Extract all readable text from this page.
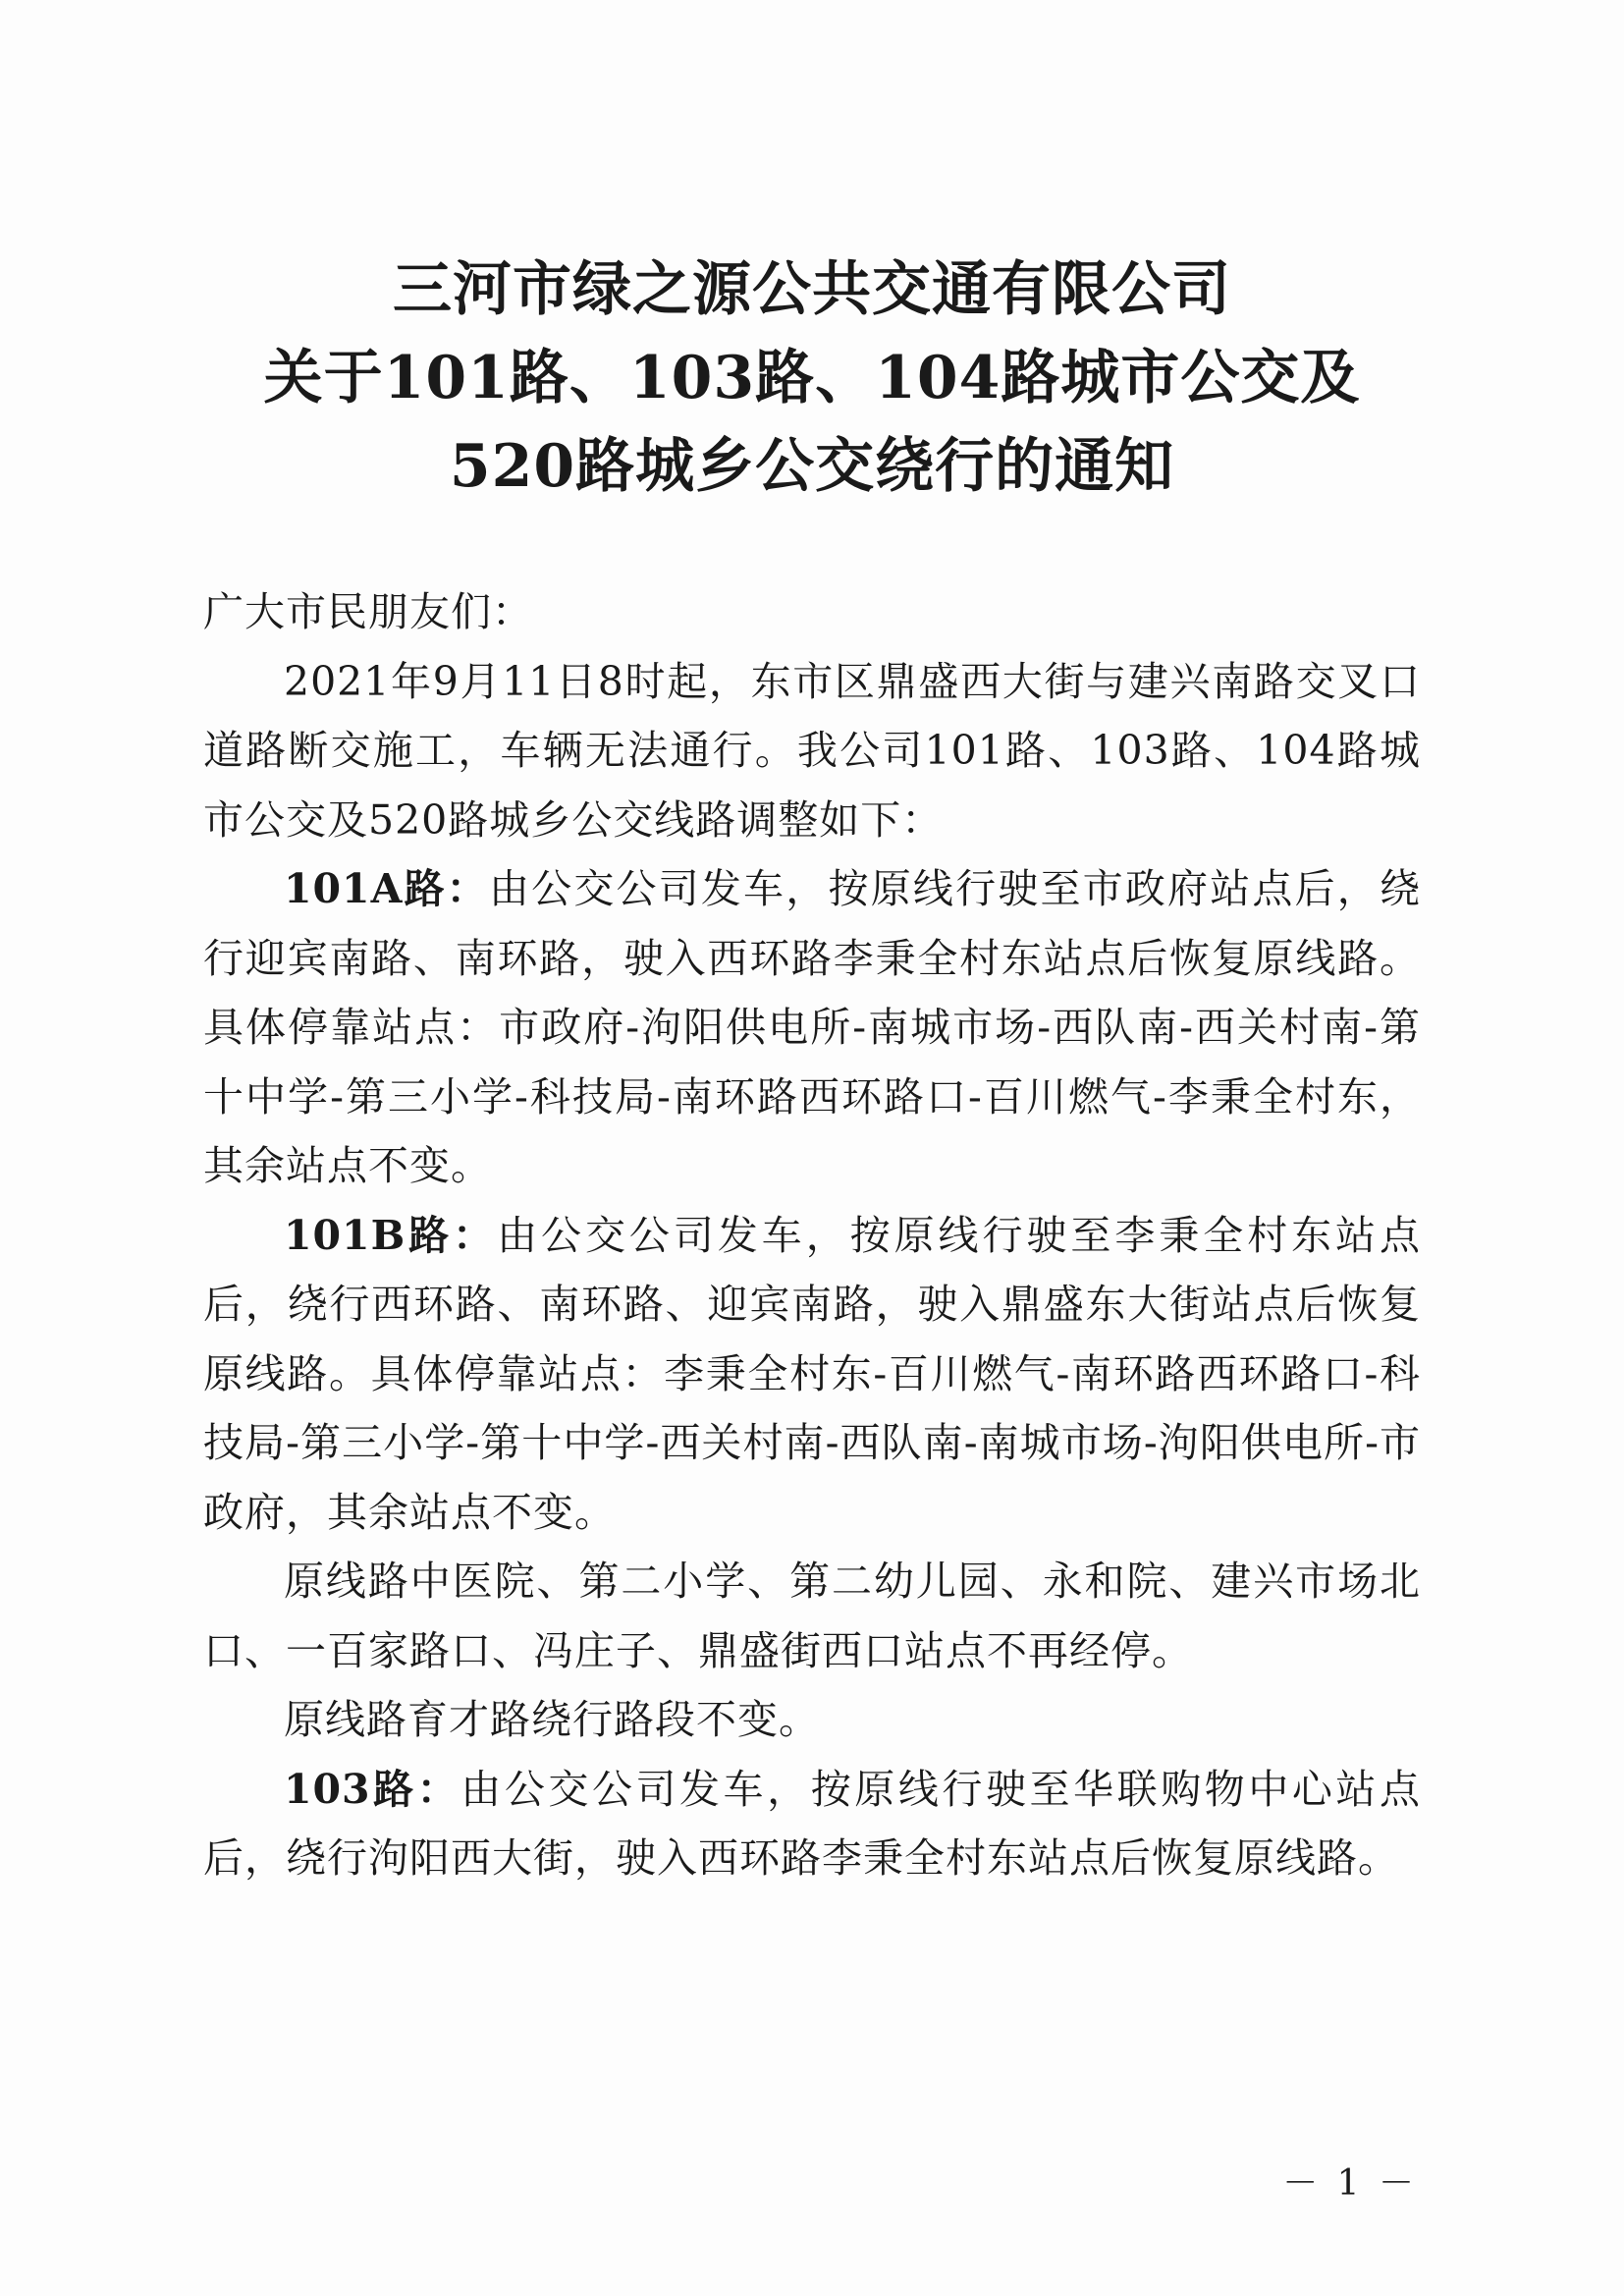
三河市绿之源公共交通有限公司
关于101路、103路、104路城市公交及
520路城乡公交绕行的通知

广大市民朋友们：

2021年9月11日8时起，东市区鼎盛西大街与建兴南路交叉口道路断交施工，车辆无法通行。我公司101路、103路、104路城市公交及520路城乡公交线路调整如下：

101A路：由公交公司发车，按原线行驶至市政府站点后，绕行迎宾南路、南环路，驶入西环路李秉全村东站点后恢复原线路。具体停靠站点：市政府-泃阳供电所-南城市场-西队南-西关村南-第十中学-第三小学-科技局-南环路西环路口-百川燃气-李秉全村东，其余站点不变。

101B路：由公交公司发车，按原线行驶至李秉全村东站点后，绕行西环路、南环路、迎宾南路，驶入鼎盛东大街站点后恢复原线路。具体停靠站点：李秉全村东-百川燃气-南环路西环路口-科技局-第三小学-第十中学-西关村南-西队南-南城市场-泃阳供电所-市政府，其余站点不变。

原线路中医院、第二小学、第二幼儿园、永和院、建兴市场北口、一百家路口、冯庄子、鼎盛街西口站点不再经停。

原线路育才路绕行路段不变。

103路：由公交公司发车，按原线行驶至华联购物中心站点后，绕行泃阳西大街，驶入西环路李秉全村东站点后恢复原线路。

－ 1 －
